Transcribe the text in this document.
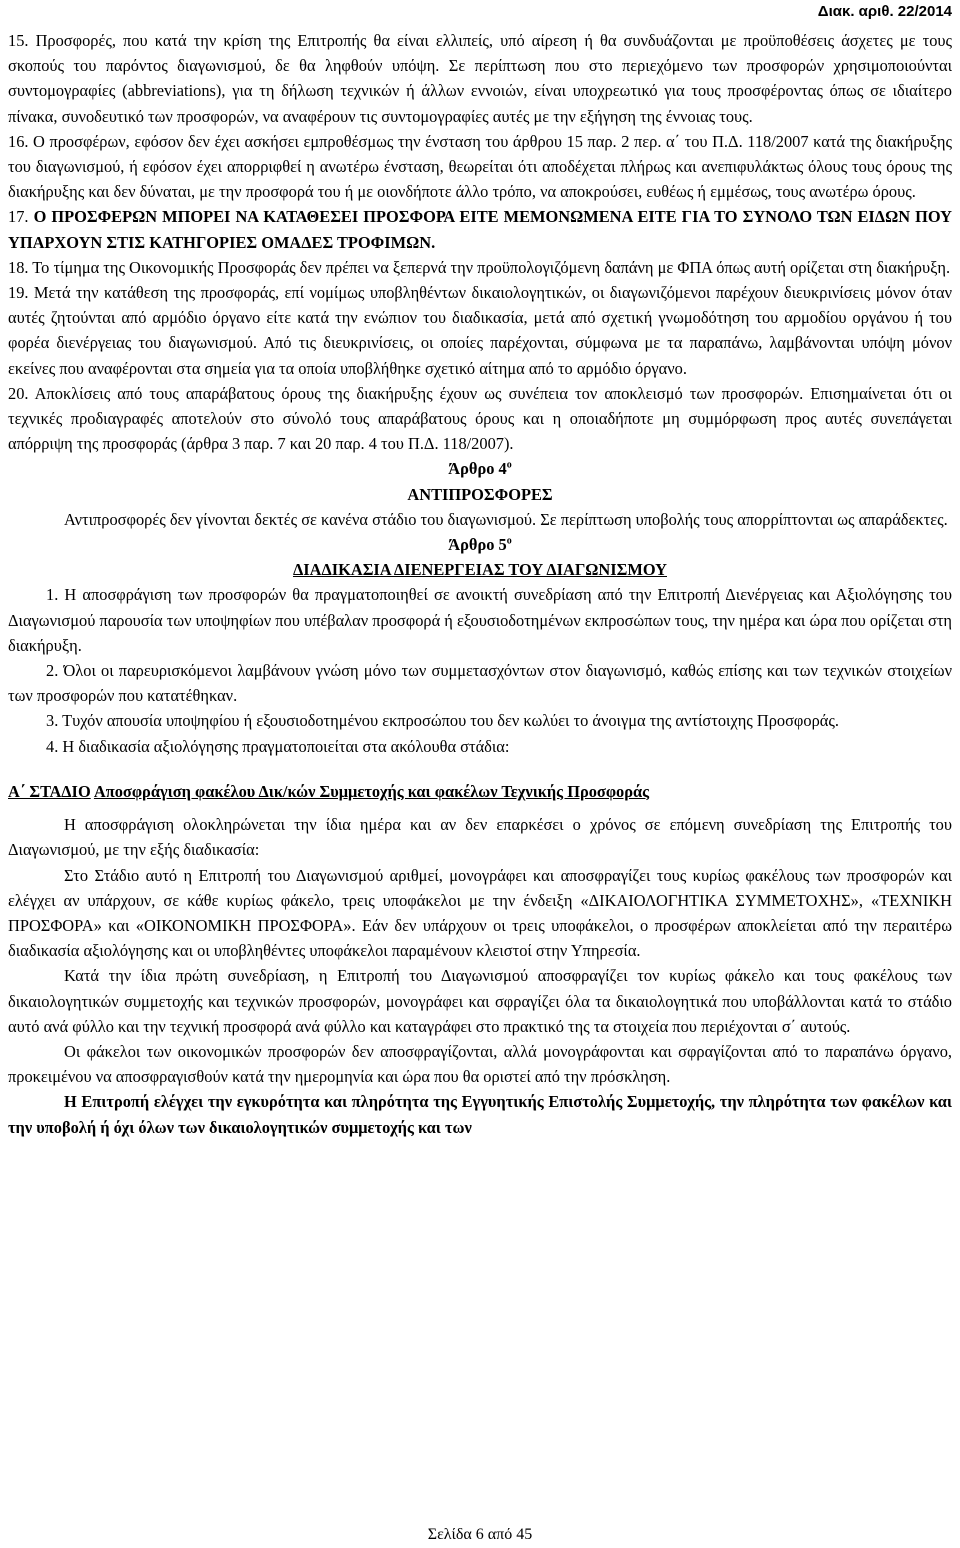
Διακ. αριθ. 22/2014

15. Προσφορές, που κατά την κρίση της Επιτροπής θα είναι ελλιπείς, υπό αίρεση ή θα συνδυάζονται με προϋποθέσεις άσχετες με τους σκοπούς του παρόντος διαγωνισμού, δε θα ληφθούν υπόψη. Σε περίπτωση που στο περιεχόμενο των προσφορών χρησιμοποιούνται συντομογραφίες (abbreviations), για τη δήλωση τεχνικών ή άλλων εννοιών, είναι υποχρεωτικό για τους προσφέροντας όπως σε ιδιαίτερο πίνακα, συνοδευτικό των προσφορών, να αναφέρουν τις συντομογραφίες αυτές με την εξήγηση της έννοιας τους.

16. Ο προσφέρων, εφόσον δεν έχει ασκήσει εμπροθέσμως την ένσταση του άρθρου 15 παρ. 2 περ. α΄ του Π.Δ. 118/2007 κατά της διακήρυξης του διαγωνισμού, ή εφόσον έχει απορριφθεί η ανωτέρω ένσταση, θεωρείται ότι αποδέχεται πλήρως και ανεπιφυλάκτως όλους τους όρους της διακήρυξης και δεν δύναται, με την προσφορά του ή με οιονδήποτε άλλο τρόπο, να αποκρούσει, ευθέως ή εμμέσως, τους ανωτέρω όρους.

17. Ο ΠΡΟΣΦΕΡΩΝ ΜΠΟΡΕΙ ΝΑ ΚΑΤΑΘΕΣΕΙ ΠΡΟΣΦΟΡΑ ΕΙΤΕ ΜΕΜΟΝΩΜΕΝΑ ΕΙΤΕ ΓΙΑ ΤΟ ΣΥΝΟΛΟ ΤΩΝ ΕΙΔΩΝ ΠΟΥ ΥΠΑΡΧΟΥΝ ΣΤΙΣ ΚΑΤΗΓΟΡΙΕΣ ΟΜΑΔΕΣ ΤΡΟΦΙΜΩΝ.

18. Το τίμημα της Οικονομικής Προσφοράς δεν πρέπει να ξεπερνά την προϋπολογιζόμενη δαπάνη με ΦΠΑ όπως αυτή ορίζεται στη διακήρυξη.

19. Μετά την κατάθεση της προσφοράς, επί νομίμως υποβληθέντων δικαιολογητικών, οι διαγωνιζόμενοι παρέχουν διευκρινίσεις μόνον όταν αυτές ζητούνται από αρμόδιο όργανο είτε κατά την ενώπιον του διαδικασία, μετά από σχετική γνωμοδότηση του αρμοδίου οργάνου ή του φορέα διενέργειας του διαγωνισμού. Από τις διευκρινίσεις, οι οποίες παρέχονται, σύμφωνα με τα παραπάνω, λαμβάνονται υπόψη μόνον εκείνες που αναφέρονται στα σημεία για τα οποία υποβλήθηκε σχετικό αίτημα από το αρμόδιο όργανο.

20. Αποκλίσεις από τους απαράβατους όρους της διακήρυξης έχουν ως συνέπεια τον αποκλεισμό των προσφορών. Επισημαίνεται ότι οι τεχνικές προδιαγραφές αποτελούν στο σύνολό τους απαράβατους όρους και η οποιαδήποτε μη συμμόρφωση προς αυτές συνεπάγεται απόρριψη της προσφοράς (άρθρα 3 παρ. 7 και 20 παρ. 4 του Π.Δ. 118/2007).

Άρθρο $4^o$

ΑΝΤΙΠΡΟΣΦΟΡΕΣ

Αντιπροσφορές δεν γίνονται δεκτές σε κανένα στάδιο του διαγωνισμού. Σε περίπτωση υποβολής τους απορρίπτονται ως απαράδεκτες.

Άρθρο $5^o$

ΔΙΑΔΙΚΑΣΙΑ ΔΙΕΝΕΡΓΕΙΑΣ ΤΟΥ ΔΙΑΓΩΝΙΣΜΟΥ

1. Η αποσφράγιση των προσφορών θα πραγματοποιηθεί σε ανοικτή συνεδρίαση από την Επιτροπή Διενέργειας και Αξιολόγησης του Διαγωνισμού παρουσία των υποψηφίων που υπέβαλαν προσφορά ή εξουσιοδοτημένων εκπροσώπων τους, την ημέρα και ώρα που ορίζεται στη διακήρυξη.

2. Όλοι οι παρευρισκόμενοι λαμβάνουν γνώση μόνο των συμμετασχόντων στον διαγωνισμό, καθώς επίσης και των τεχνικών στοιχείων των προσφορών που κατατέθηκαν.

3. Τυχόν απουσία υποψηφίου ή εξουσιοδοτημένου εκπροσώπου του δεν κωλύει το άνοιγμα της αντίστοιχης Προσφοράς.

4. Η διαδικασία αξιολόγησης πραγματοποιείται στα ακόλουθα στάδια:

Α΄ ΣΤΑΔΙΟ Αποσφράγιση φακέλου Δικ/κών Συμμετοχής και φακέλων Τεχνικής Προσφοράς

Η αποσφράγιση ολοκληρώνεται την ίδια ημέρα και αν δεν επαρκέσει ο χρόνος σε επόμενη συνεδρίαση της Επιτροπής του Διαγωνισμού, με την εξής διαδικασία:

Στο Στάδιο αυτό η Επιτροπή του Διαγωνισμού αριθμεί, μονογράφει και αποσφραγίζει τους κυρίως φακέλους των προσφορών και ελέγχει αν υπάρχουν, σε κάθε κυρίως φάκελο, τρεις υποφάκελοι με την ένδειξη «ΔΙΚΑΙΟΛΟΓΗΤΙΚΑ ΣΥΜΜΕΤΟΧΗΣ», «ΤΕΧΝΙΚΗ ΠΡΟΣΦΟΡΑ» και «ΟΙΚΟΝΟΜΙΚΗ ΠΡΟΣΦΟΡΑ». Εάν δεν υπάρχουν οι τρεις υποφάκελοι, ο προσφέρων αποκλείεται από την περαιτέρω διαδικασία αξιολόγησης και οι υποβληθέντες υποφάκελοι παραμένουν κλειστοί στην Υπηρεσία.

Κατά την ίδια πρώτη συνεδρίαση, η Επιτροπή του Διαγωνισμού αποσφραγίζει τον κυρίως φάκελο και τους φακέλους των δικαιολογητικών συμμετοχής και τεχνικών προσφορών, μονογράφει και σφραγίζει όλα τα δικαιολογητικά που υποβάλλονται κατά το στάδιο αυτό ανά φύλλο και την τεχνική προσφορά ανά φύλλο και καταγράφει στο πρακτικό της τα στοιχεία που περιέχονται σ΄ αυτούς.

Οι φάκελοι των οικονομικών προσφορών δεν αποσφραγίζονται, αλλά μονογράφονται και σφραγίζονται από το παραπάνω όργανο, προκειμένου να αποσφραγισθούν κατά την ημερομηνία και ώρα που θα οριστεί από την πρόσκληση.

Η Επιτροπή ελέγχει την εγκυρότητα και πληρότητα της Εγγυητικής Επιστολής Συμμετοχής, την πληρότητα των φακέλων και την υποβολή ή όχι όλων των δικαιολογητικών συμμετοχής και των

Σελίδα 6 από 45
